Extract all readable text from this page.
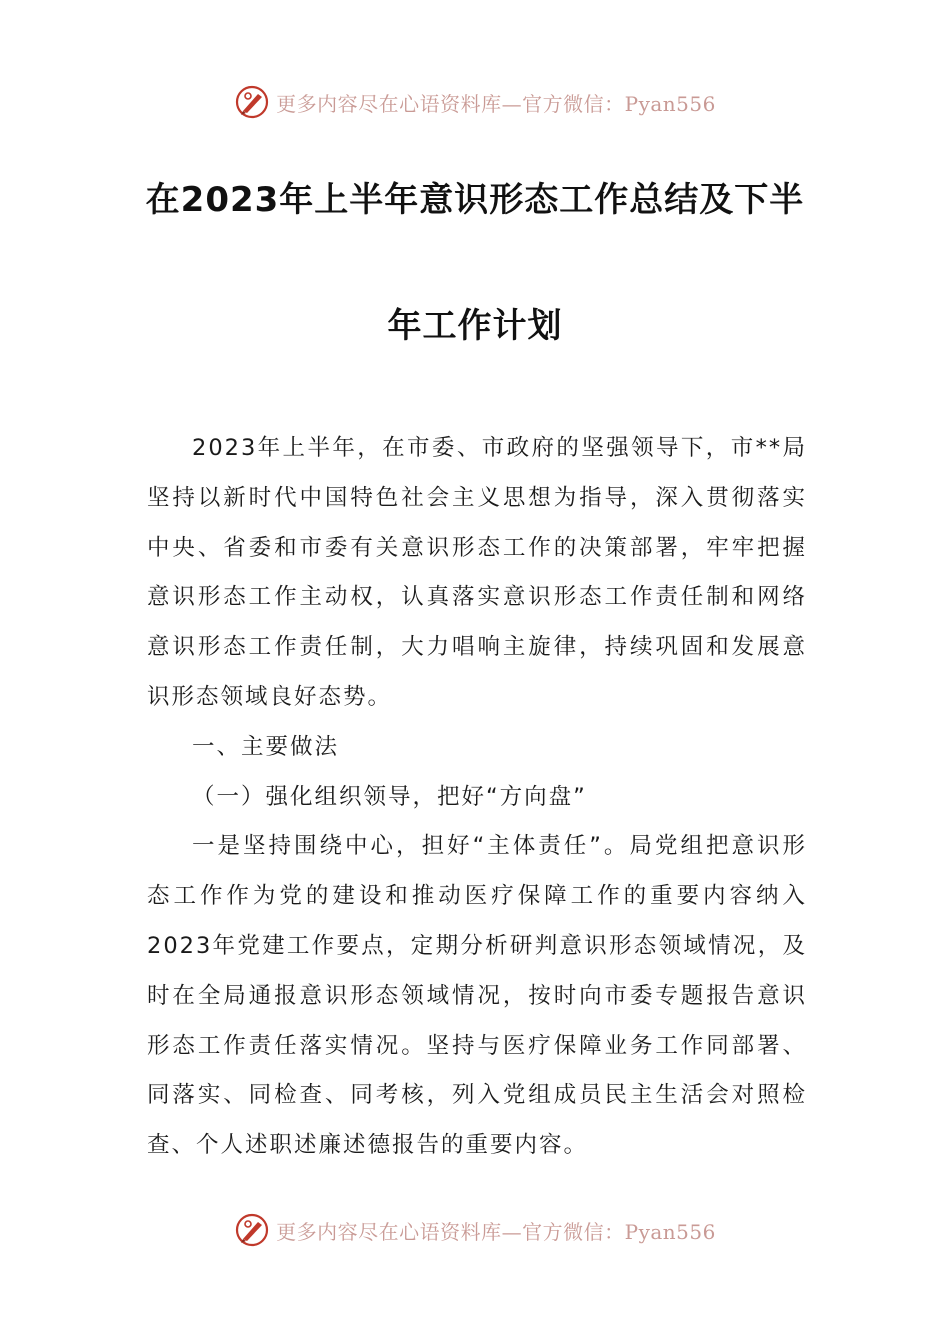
更多内容尽在心语资料库—官方微信：Pyan556
在2023年上半年意识形态工作总结及下半
年工作计划

2023年上半年，在市委、市政府的坚强领导下，市**局坚持以新时代中国特色社会主义思想为指导，深入贯彻落实中央、省委和市委有关意识形态工作的决策部署，牢牢把握意识形态工作主动权，认真落实意识形态工作责任制和网络意识形态工作责任制，大力唱响主旋律，持续巩固和发展意识形态领域良好态势。

一、主要做法

（一）强化组织领导，把好“方向盘”

一是坚持围绕中心，担好“主体责任”。局党组把意识形态工作作为党的建设和推动医疗保障工作的重要内容纳入2023年党建工作要点，定期分析研判意识形态领域情况，及时在全局通报意识形态领域情况，按时向市委专题报告意识形态工作责任落实情况。坚持与医疗保障业务工作同部署、同落实、同检查、同考核，列入党组成员民主生活会对照检查、个人述职述廉述德报告的重要内容。

更多内容尽在心语资料库—官方微信：Pyan556
